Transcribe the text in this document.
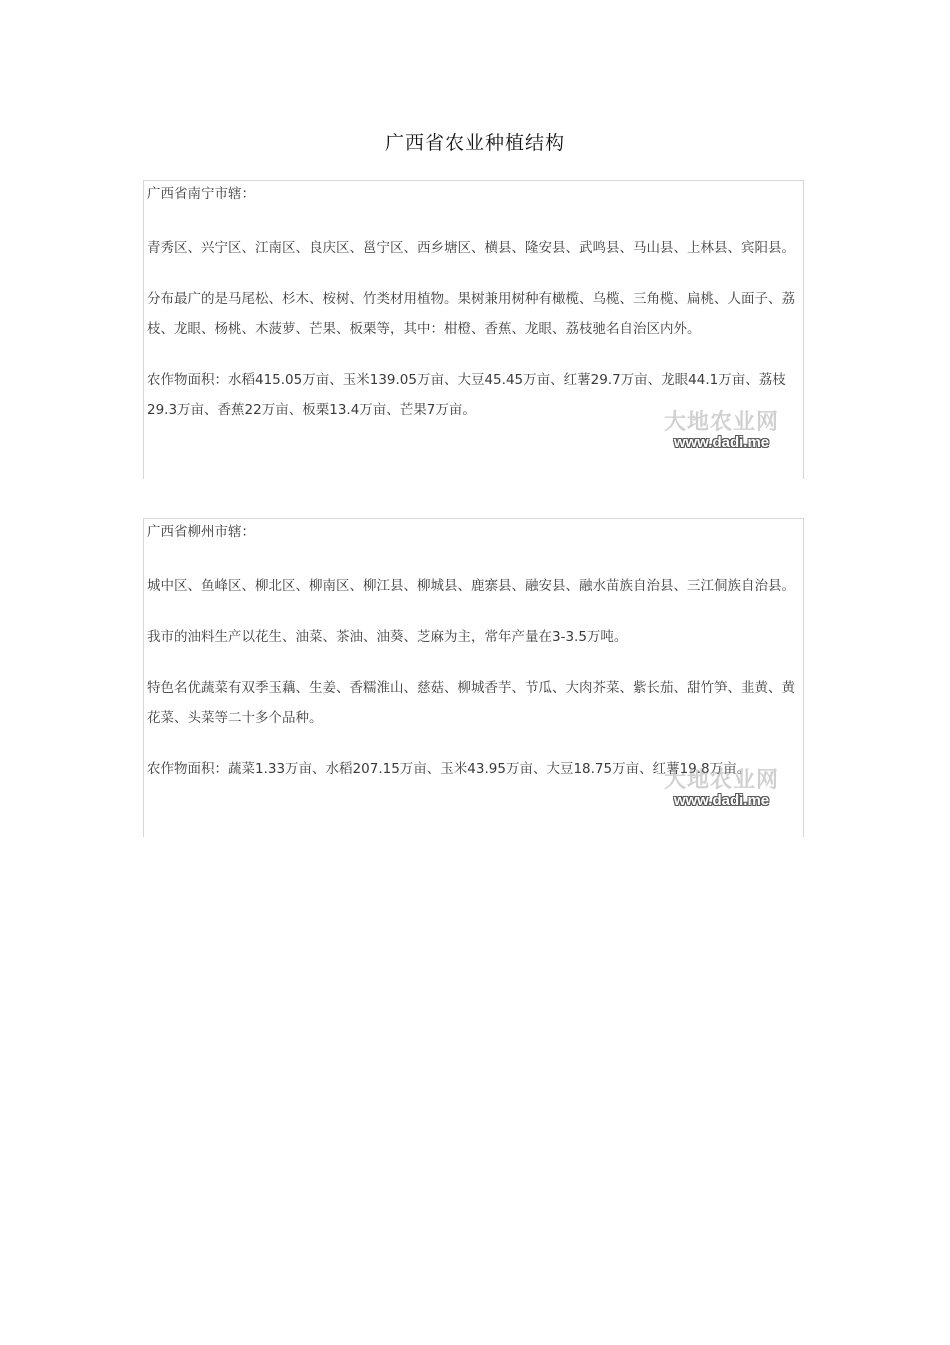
广西省农业种植结构

广西省南宁市辖：

青秀区、兴宁区、江南区、良庆区、邕宁区、西乡塘区、横县、隆安县、武鸣县、马山县、上林县、宾阳县。

分布最广的是马尾松、杉木、桉树、竹类材用植物。果树兼用树种有橄榄、乌榄、三角榄、扁桃、人面子、荔枝、龙眼、杨桃、木菠萝、芒果、板栗等，其中：柑橙、香蕉、龙眼、荔枝驰名自治区内外。

农作物面积：水稻415.05万亩、玉米139.05万亩、大豆45.45万亩、红薯29.7万亩、龙眼44.1万亩、荔枝29.3万亩、香蕉22万亩、板栗13.4万亩、芒果7万亩。	大地农业网
www.dadi.me

广西省柳州市辖：

城中区、鱼峰区、柳北区、柳南区、柳江县、柳城县、鹿寨县、融安县、融水苗族自治县、三江侗族自治县。

我市的油料生产以花生、油菜、茶油、油葵、芝麻为主，常年产量在3-3.5万吨。

特色名优蔬菜有双季玉藕、生姜、香糯淮山、慈菇、柳城香芋、节瓜、大肉芥菜、紫长茄、甜竹笋、韭黄、黄花菜、头菜等二十多个品种。

农作物面积：蔬菜1.33万亩、水稻207.15万亩、玉米43.95万亩、大豆18.75万亩、红薯19.8万亩。

大地农业网
www.dadi.me
